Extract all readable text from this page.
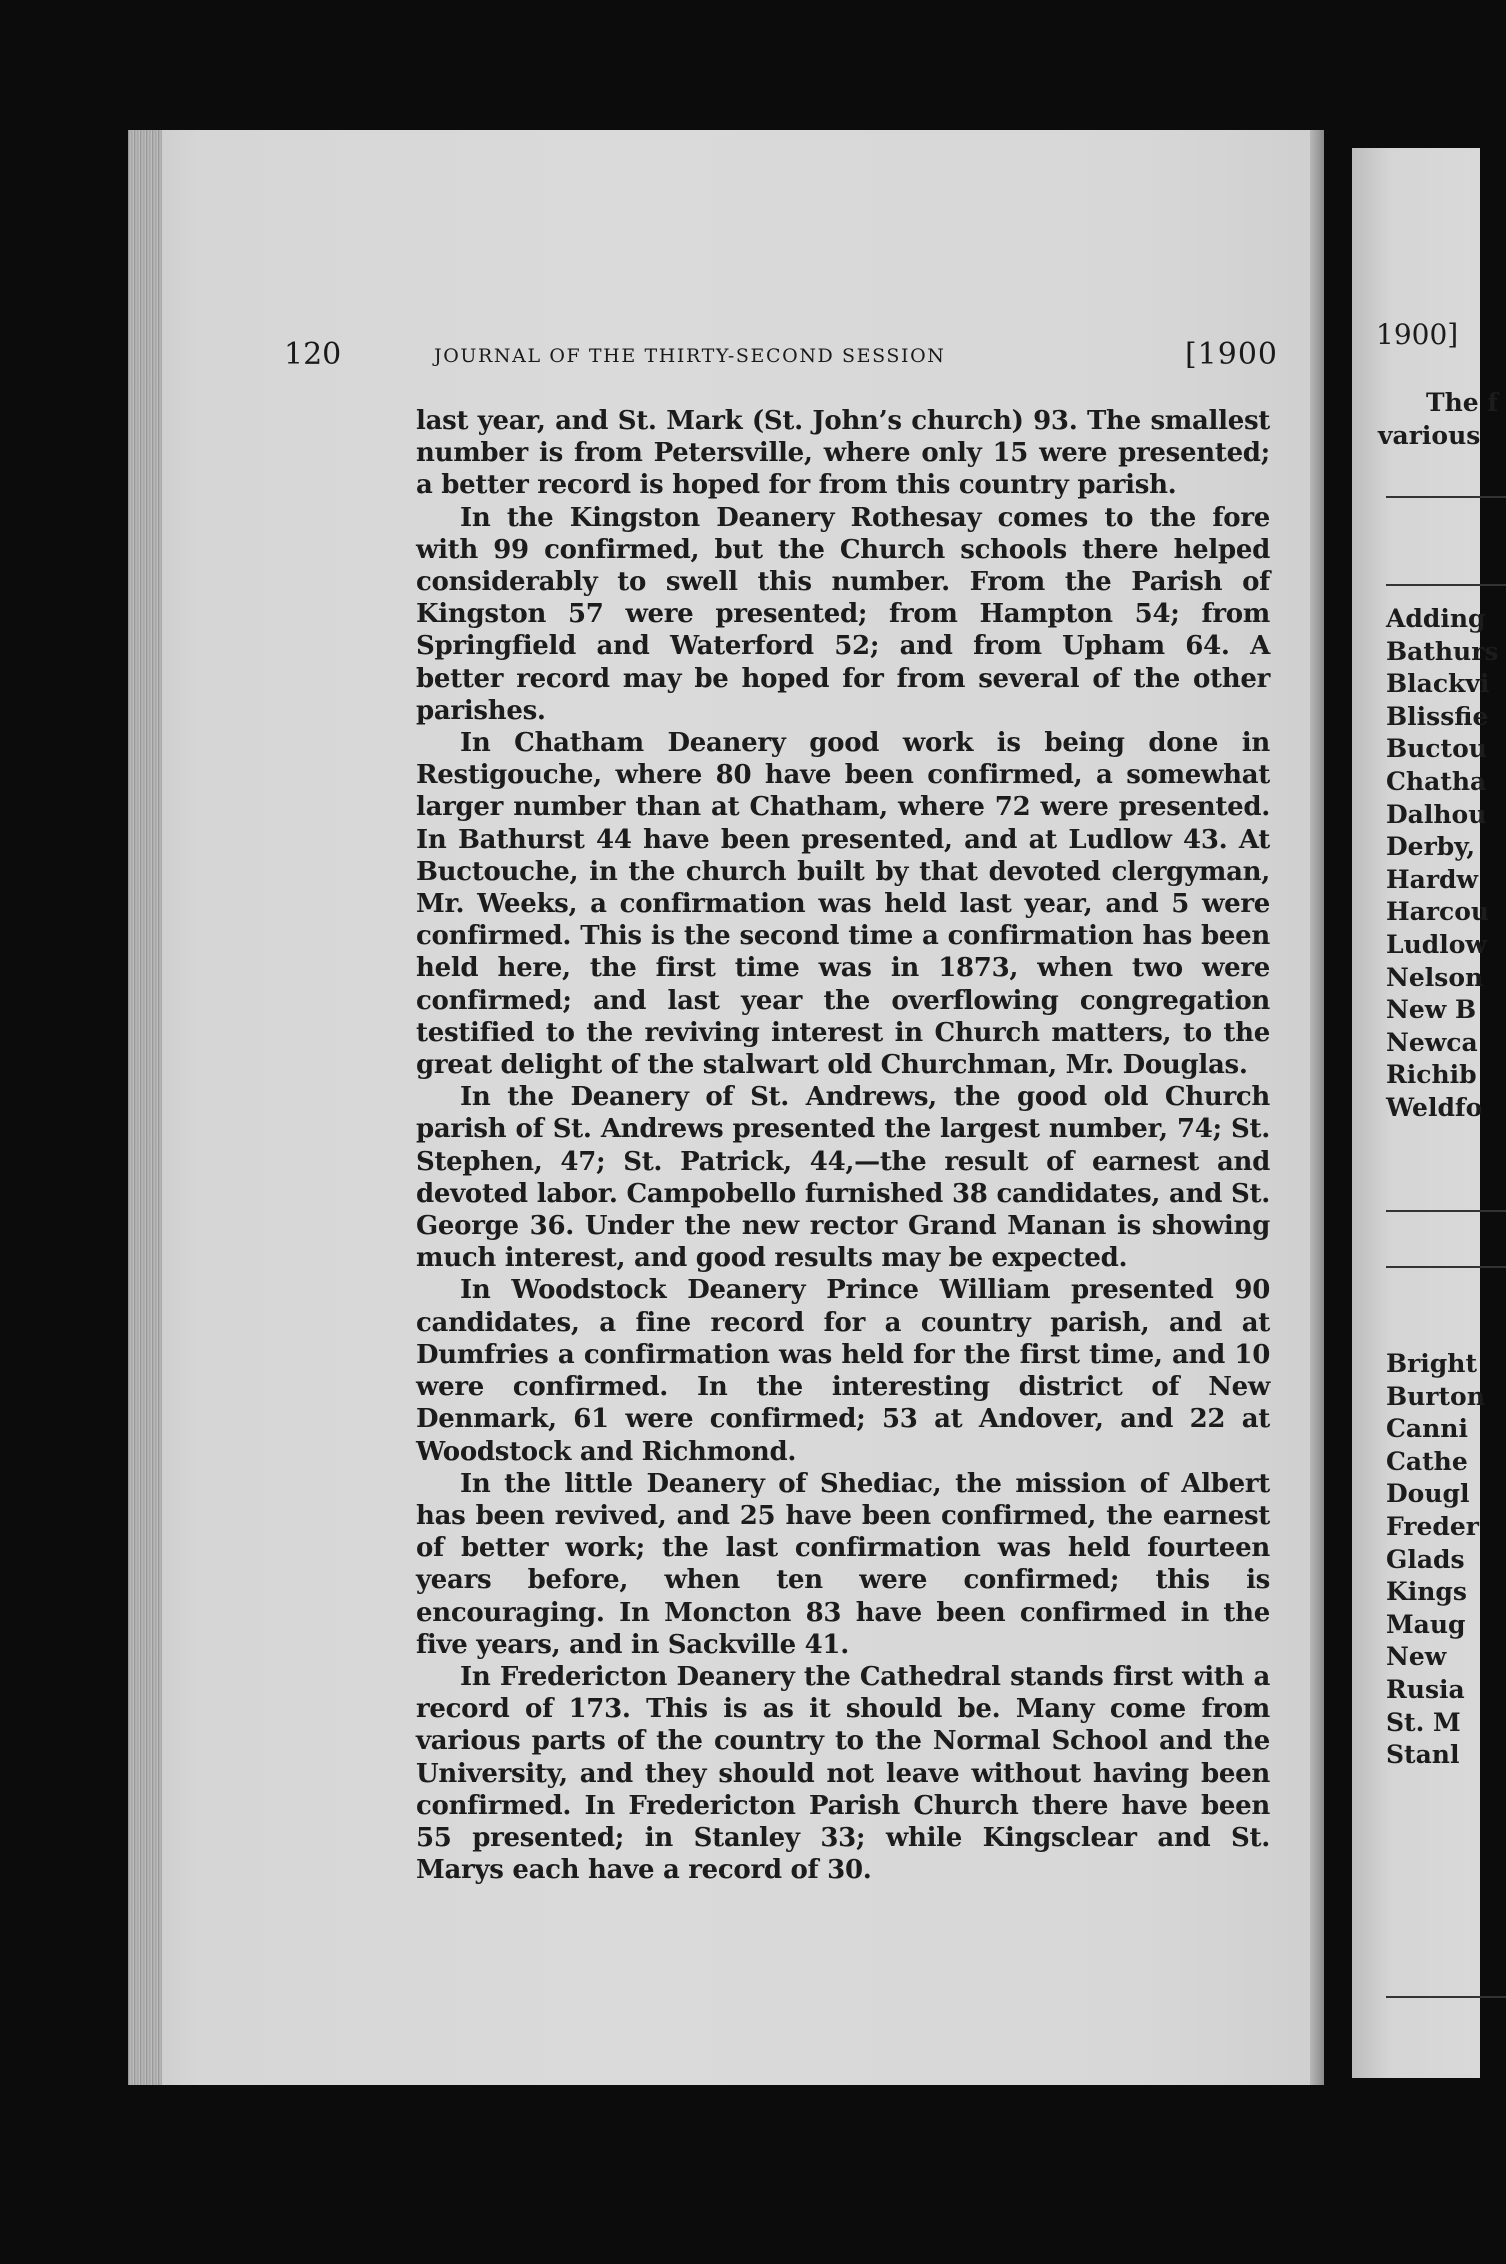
120	JOURNAL OF THE THIRTY-SECOND SESSION	[1900

last year, and St. Mark (St. John’s church) 93. The smallest number is from Petersville, where only 15 were presented; a better record is hoped for from this country parish.

In the Kingston Deanery Rothesay comes to the fore with 99 confirmed, but the Church schools there helped considerably to swell this number. From the Parish of Kingston 57 were presented; from Hampton 54; from Springfield and Waterford 52; and from Upham 64. A better record may be hoped for from several of the other parishes.

In Chatham Deanery good work is being done in Restigouche, where 80 have been confirmed, a somewhat larger number than at Chatham, where 72 were presented. In Bathurst 44 have been presented, and at Ludlow 43. At Buctouche, in the church built by that devoted clergyman, Mr. Weeks, a confirmation was held last year, and 5 were confirmed. This is the second time a confirmation has been held here, the first time was in 1873, when two were confirmed; and last year the overflowing congregation testified to the reviving interest in Church matters, to the great delight of the stalwart old Churchman, Mr. Douglas.

In the Deanery of St. Andrews, the good old Church parish of St. Andrews presented the largest number, 74; St. Stephen, 47; St. Patrick, 44,—the result of earnest and devoted labor. Campobello furnished 38 candidates, and St. George 36. Under the new rector Grand Manan is showing much interest, and good results may be expected.

In Woodstock Deanery Prince William presented 90 candidates, a fine record for a country parish, and at Dumfries a confirmation was held for the first time, and 10 were confirmed. In the interesting district of New Denmark, 61 were confirmed; 53 at Andover, and 22 at Woodstock and Richmond.

In the little Deanery of Shediac, the mission of Albert has been revived, and 25 have been confirmed, the earnest of better work; the last confirmation was held fourteen years before, when ten were confirmed; this is encouraging. In Moncton 83 have been confirmed in the five years, and in Sackville 41.

In Fredericton Deanery the Cathedral stands first with a record of 173. This is as it should be. Many come from various parts of the country to the Normal School and the University, and they should not leave without having been confirmed. In Fredericton Parish Church there have been 55 presented; in Stanley 33; while Kingsclear and St. Marys each have a record of 30.

1900]
The f
various
Adding
Bathurs
Blackvi
Blissfie
Buctou
Chatha
Dalhou
Derby,
Hardw
Harcou
Ludlow
Nelson
New B
Newca
Richib
Weldfo
Bright
Burton
Canni
Cathe
Dougl
Freder
Glads
Kings
Maug
New
Rusia
St. M
Stanl
